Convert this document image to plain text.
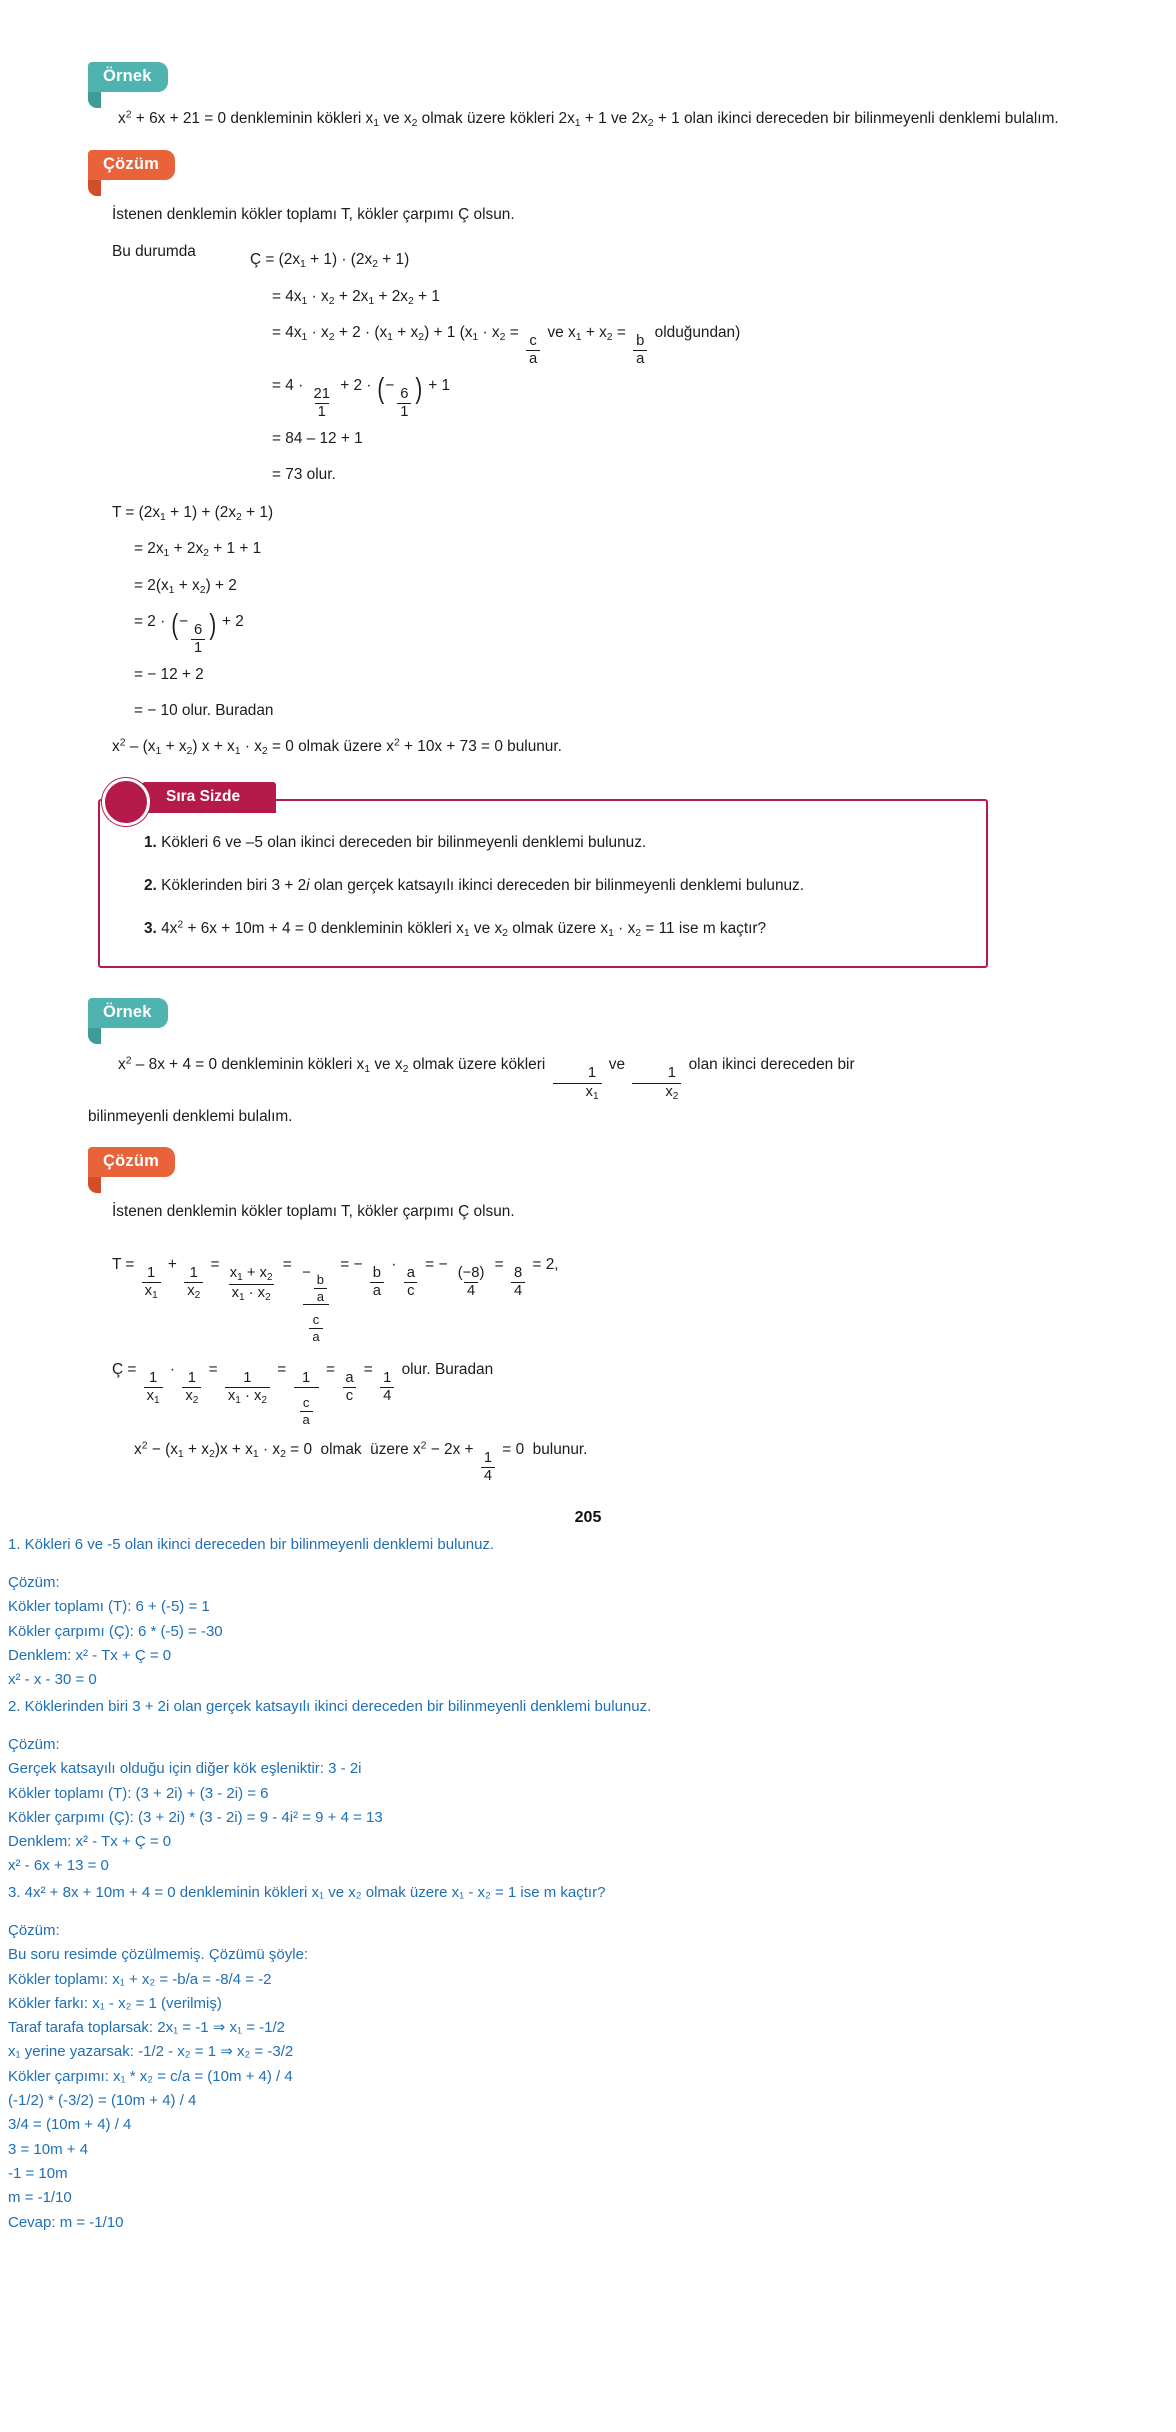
Örnek
$x^2 + 6x + 21 = 0$ denkleminin kökleri $x_1$ ve $x_2$ olmak üzere kökleri $2x_1 + 1$ ve $2x_2 + 1$ olan ikinci dereceden bir bilinmeyenli denklemi bulalım.
Çözüm
İstenen denklemin kökler toplamı T, kökler çarpımı Ç olsun.
Bu durumda	Ç = $(2x_1 + 1) \cdot (2x_2 + 1)$
= $4x_1 \cdot x_2 + 2x_1 + 2x_2 + 1$
= $4x_1 \cdot x_2 + 2 \cdot (x_1 + x_2) + 1$ ($x_1 \cdot x_2$ =
$\frac{c}{a}$
ve $x_1 + x_2$ =
$\frac{b}{a}$
olduğundan)
= 4 ·
$\frac{21}{1}$
+ 2 · (−
$\frac{6}{1}$ ) + 1
= 84 – 12 + 1
= 73 olur.
$T = (2x_1 + 1) + (2x_2 + 1)$
= $2x_1 + 2x_2 + 1 + 1$
= $2(x_1 + x_2) + 2$
= 2 · (−
$\frac{6}{1}$ ) + 2
= − 12 + 2
= − 10 olur. Buradan
$x^2 - (x_1 + x_2) x + x_1 \cdot x_2 = 0$ olmak üzere $x^2 + 10x + 73 = 0$ bulunur.
Sıra Sizde
1. Kökleri 6 ve –5 olan ikinci dereceden bir bilinmeyenli denklemi bulunuz.
2. Köklerinden biri 3 + 2i olan gerçek katsayılı ikinci dereceden bir bilinmeyenli denklemi bulunuz.
3. $4x^2 + 6x + 10m + 4 = 0$ denkleminin kökleri $x_1$ ve $x_2$ olmak üzere $x_1 \cdot x_2 = 11$ ise m kaçtır?
Örnek
$x^2 - 8x + 4 = 0$ denkleminin kökleri $x_1$ ve $x_2$ olmak üzere kökleri
$\frac{1}{x_1}$
ve
$\frac{1}{x_2}$
olan ikinci dereceden bir
bilinmeyenli denklemi bulalım.
Çözüm
İstenen denklemin kökler toplamı T, kökler çarpımı Ç olsun.
T =
$\frac{1}{x_1}$
+
$\frac{1}{x_2}$
=
$\frac{x_1 + x_2}{x_1 \cdot x_2}$
=
−
$\frac{b}{a}$
$\frac{c}{a}$
= −
$\frac{b}{a}$
·
$\frac{a}{c}$
= −
$\frac{(-8)}{4}$
=
$\frac{8}{4}$
= 2,
Ç =
$\frac{1}{x_1}$
·
$\frac{1}{x_2}$
=
$\frac{1}{x_1 \cdot x_2}$
=
$\frac{1}{\frac{c}{a}}$
=
$\frac{a}{c}$
=
$\frac{1}{4}$
olur. Buradan
$x^2 - (x_1 + x_2)x + x_1 \cdot x_2 = 0$  olmak  üzere $x^2 - 2x$ +
$\frac{1}{4}$
= 0  bulunur.
205
1. Kökleri 6 ve -5 olan ikinci dereceden bir bilinmeyenli denklemi bulunuz.
Çözüm:
Kökler toplamı (T): 6 + (-5) = 1
Kökler çarpımı (Ç): 6 * (-5) = -30
Denklem: x² - Tx + Ç = 0
x² - x - 30 = 0
2. Köklerinden biri 3 + 2i olan gerçek katsayılı ikinci dereceden bir bilinmeyenli denklemi bulunuz.
Çözüm:
Gerçek katsayılı olduğu için diğer kök eşleniktir: 3 - 2i
Kökler toplamı (T): (3 + 2i) + (3 - 2i) = 6
Kökler çarpımı (Ç): (3 + 2i) * (3 - 2i) = 9 - 4i² = 9 + 4 = 13
Denklem: x² - Tx + Ç = 0
x² - 6x + 13 = 0
3. 4x² + 8x + 10m + 4 = 0 denkleminin kökleri x₁ ve x₂ olmak üzere x₁ - x₂ = 1 ise m kaçtır?
Çözüm:
Bu soru resimde çözülmemiş. Çözümü şöyle:
Kökler toplamı: x₁ + x₂ = -b/a = -8/4 = -2
Kökler farkı: x₁ - x₂ = 1 (verilmiş)
Taraf tarafa toplarsak: 2x₁ = -1 ⇒ x₁ = -1/2
x₁ yerine yazarsak: -1/2 - x₂ = 1 ⇒ x₂ = -3/2
Kökler çarpımı: x₁ * x₂ = c/a = (10m + 4) / 4
(-1/2) * (-3/2) = (10m + 4) / 4
3/4 = (10m + 4) / 4
3 = 10m + 4
-1 = 10m
m = -1/10
Cevap: m = -1/10
